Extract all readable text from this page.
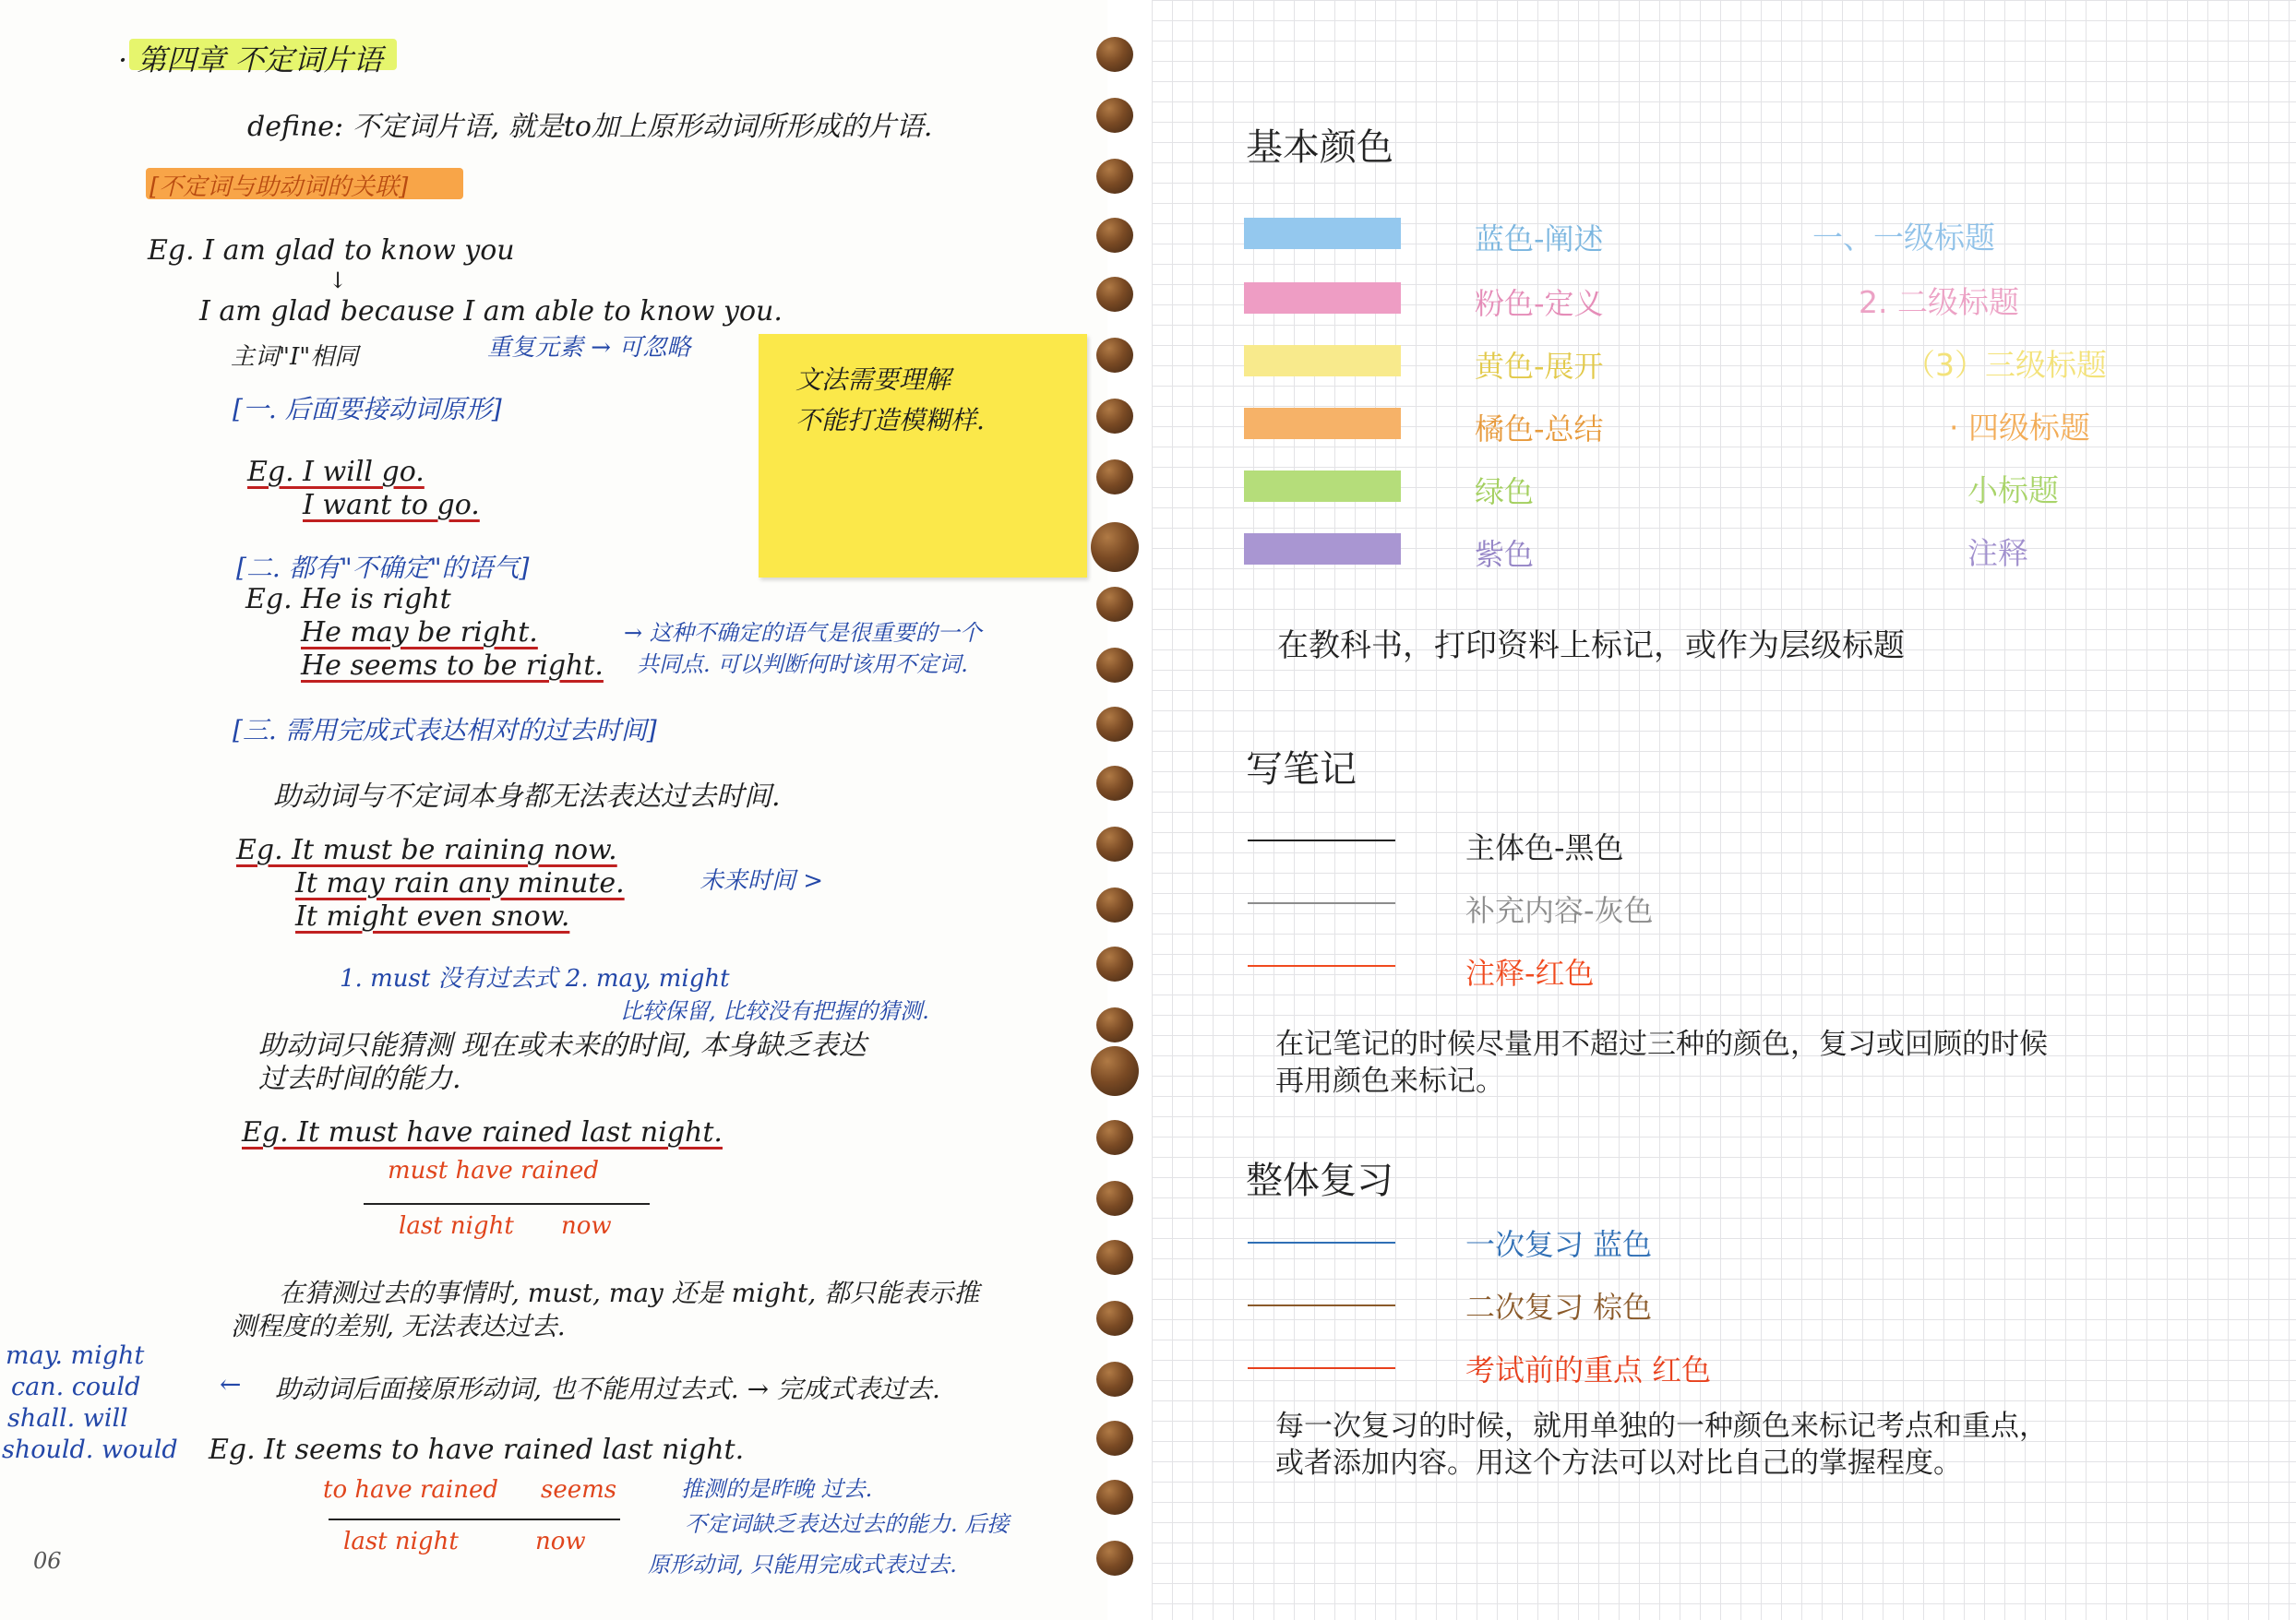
· 第四章 不定词片语
define: 不定词片语, 就是to加上原形动词所形成的片语.
[不定词与助动词的关联]
Eg. I am glad to know you
↓
I am glad because I am able to know you.
主词"I"相同	重复元素 → 可忽略
[一. 后面要接动词原形]
Eg. I will go.
I want to go.
[二. 都有"不确定"的语气]
Eg. He is right
He may be right.
He seems to be right.
→ 这种不确定的语气是很重要的一个
共同点. 可以判断何时该用不定词.
[三. 需用完成式表达相对的过去时间]
助动词与不定词本身都无法表达过去时间.
Eg. It must be raining now.
It may rain any minute.	未来时间 >
It might even snow.
1. must 没有过去式 2. may, might
比较保留, 比较没有把握的猜测.
助动词只能猜测 现在或未来的时间, 本身缺乏表达
过去时间的能力.
Eg. It must have rained last night.
must have rained
last night now
在猜测过去的事情时, must, may 还是 might, 都只能表示推
测程度的差别, 无法表达过去.
may. might
can. could
shall. will
should. would
← 助动词后面接原形动词, 也不能用过去式. → 完成式表过去.
Eg. It seems to have rained last night.
to have rained seems
last night	now
推测的是昨晚 过去.
不定词缺乏表达过去的能力. 后接
原形动词, 只能用完成式表过去.
06
文法需要理解
不能打造模糊样.
基本颜色
蓝色-阐述	一、一级标题
粉色-定义	2. 二级标题
黄色-展开	（3）三级标题
橘色-总结	· 四级标题
绿色	小标题
紫色	注释
在教科书，打印资料上标记，或作为层级标题
写笔记
主体色-黑色
补充内容-灰色
注释-红色
在记笔记的时候尽量用不超过三种的颜色，复习或回顾的时候
再用颜色来标记。
整体复习
一次复习 蓝色
二次复习 棕色
考试前的重点 红色
每一次复习的时候，就用单独的一种颜色来标记考点和重点，
或者添加内容。用这个方法可以对比自己的掌握程度。
